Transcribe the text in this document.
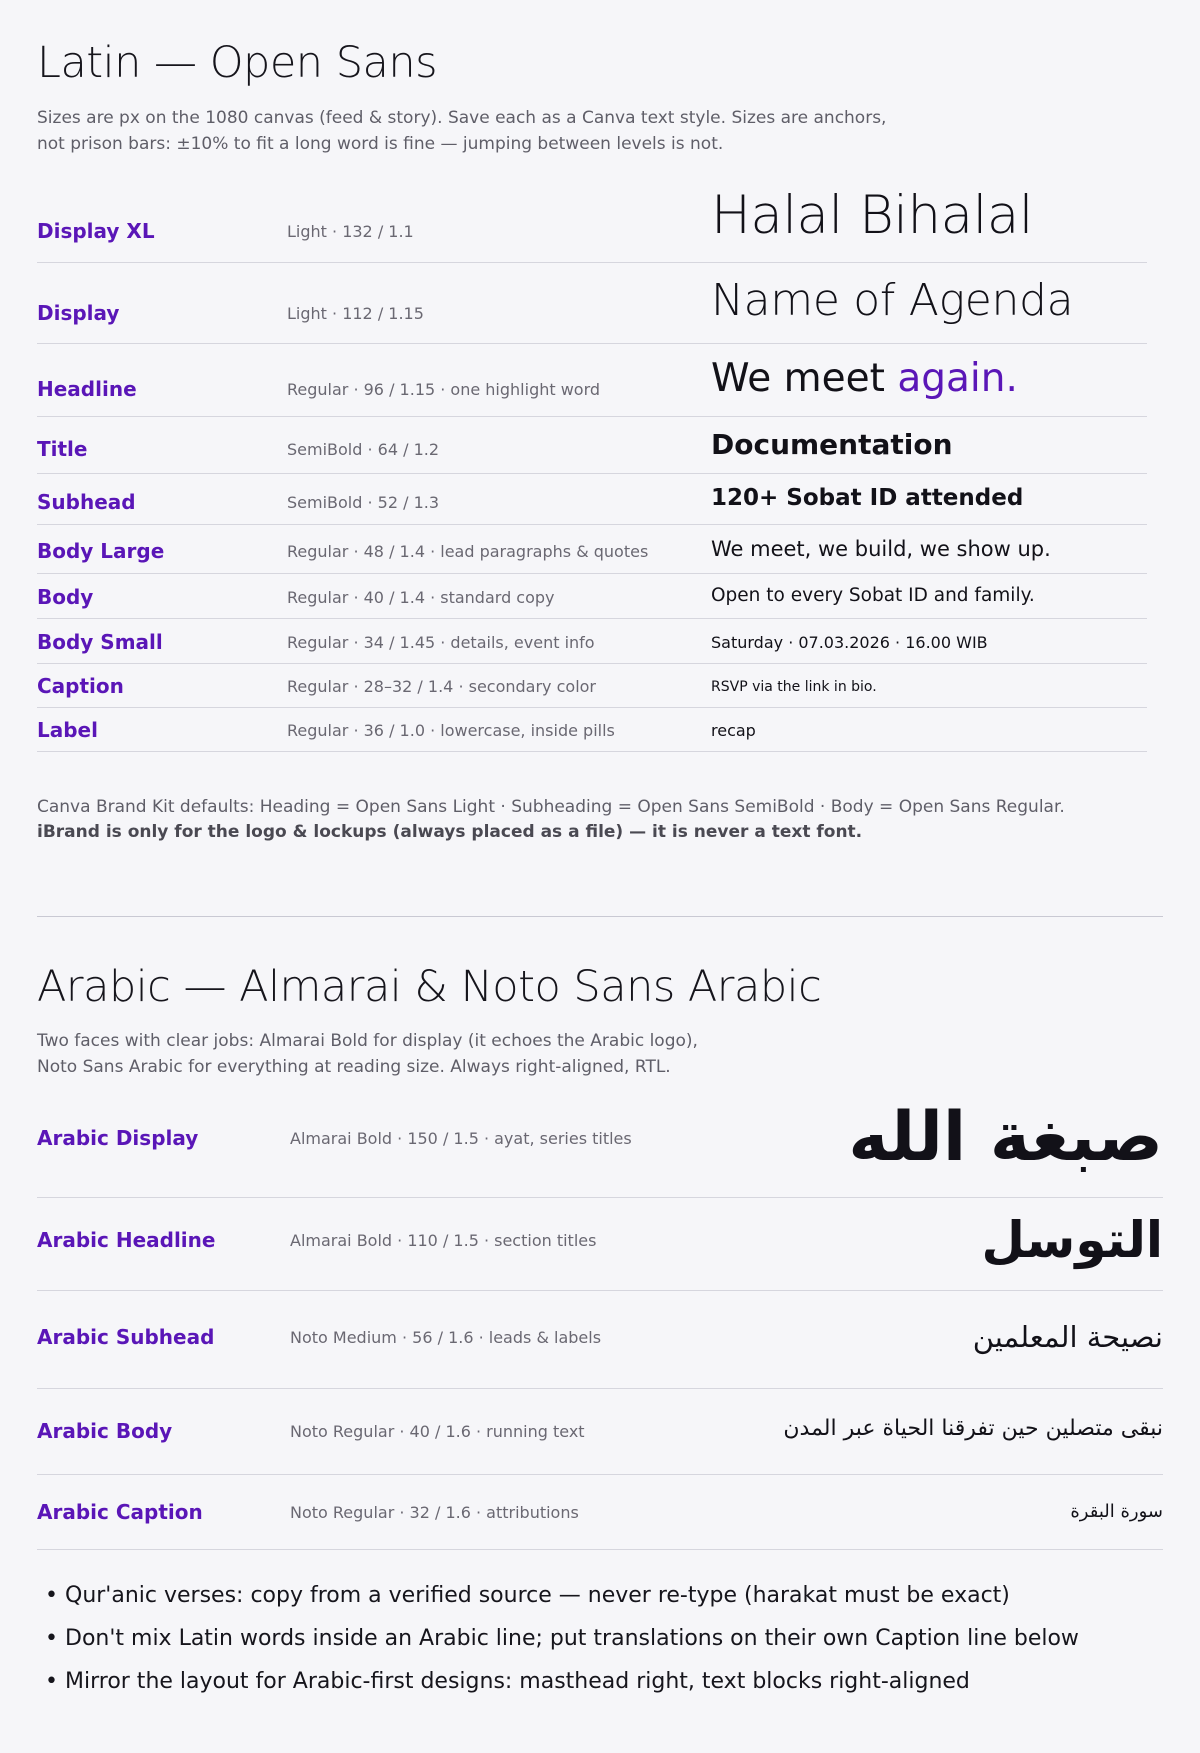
Latin — Open Sans
Sizes are px on the 1080 canvas (feed & story). Save each as a Canva text style. Sizes are anchors,
not prison bars: ±10% to fit a long word is fine — jumping between levels is not.
Display XL	Light · 132 / 1.1	Halal Bihalal
Display	Light · 112 / 1.15	Name of Agenda
Headline	Regular · 96 / 1.15 · one highlight word	We meet again.
Title	SemiBold · 64 / 1.2	Documentation
Subhead	SemiBold · 52 / 1.3	120+ Sobat ID attended
Body Large	Regular · 48 / 1.4 · lead paragraphs & quotes	We meet, we build, we show up.
Body	Regular · 40 / 1.4 · standard copy	Open to every Sobat ID and family.
Body Small	Regular · 34 / 1.45 · details, event info	Saturday · 07.03.2026 · 16.00 WIB
Caption	Regular · 28–32 / 1.4 · secondary color	RSVP via the link in bio.
Label	Regular · 36 / 1.0 · lowercase, inside pills	recap
Canva Brand Kit defaults: Heading = Open Sans Light · Subheading = Open Sans SemiBold · Body = Open Sans Regular.
iBrand is only for the logo & lockups (always placed as a file) — it is never a text font.
Arabic — Almarai & Noto Sans Arabic
Two faces with clear jobs: Almarai Bold for display (it echoes the Arabic logo),
Noto Sans Arabic for everything at reading size. Always right-aligned, RTL.
Arabic Display	Almarai Bold · 150 / 1.5 · ayat, series titles	صبغة الله
Arabic Headline	Almarai Bold · 110 / 1.5 · section titles	التوسل
Arabic Subhead	Noto Medium · 56 / 1.6 · leads & labels	نصيحة المعلمين
Arabic Body	Noto Regular · 40 / 1.6 · running text	نبقى متصلين حين تفرقنا الحياة عبر المدن
Arabic Caption	Noto Regular · 32 / 1.6 · attributions	سورة البقرة
• Qur'anic verses: copy from a verified source — never re-type (harakat must be exact)
• Don't mix Latin words inside an Arabic line; put translations on their own Caption line below
• Mirror the layout for Arabic-first designs: masthead right, text blocks right-aligned
